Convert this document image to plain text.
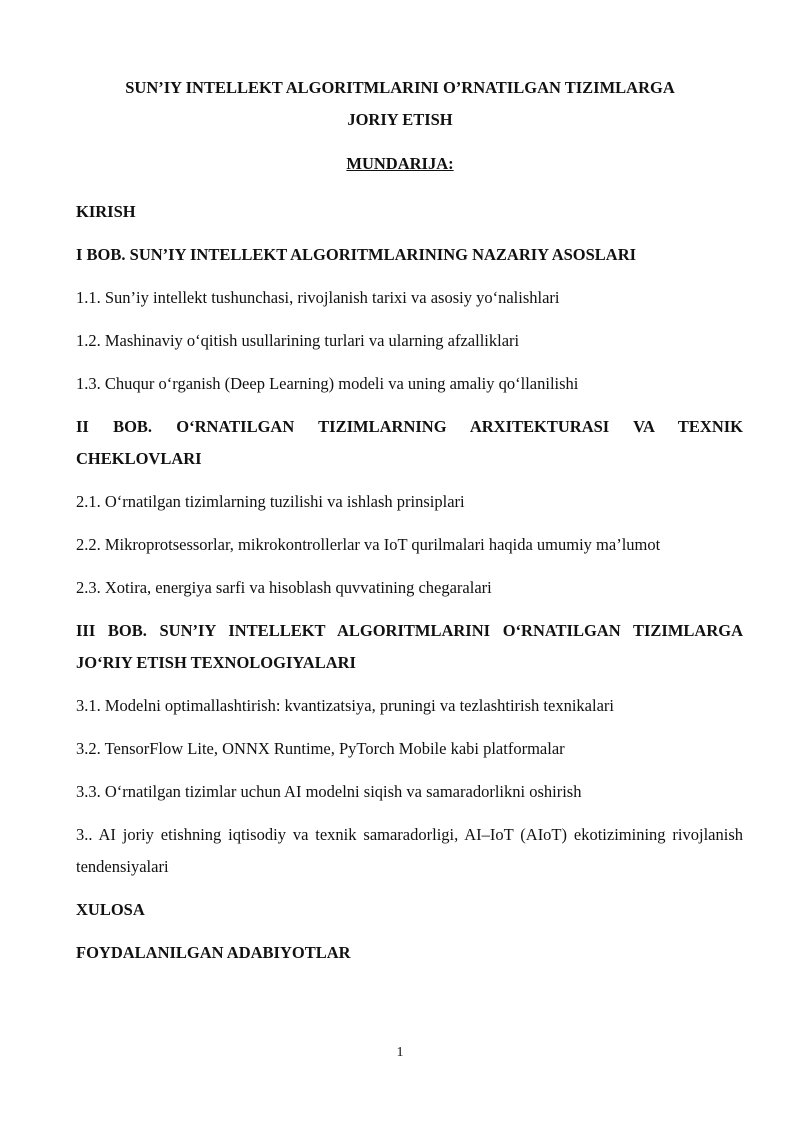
SUN’IY INTELLEKT ALGORITMLARINI O’RNATILGAN TIZIMLARGA
JORIY ETISH
MUNDARIJA:
KIRISH
I BOB. SUN’IY INTELLEKT ALGORITMLARINING NAZARIY ASOSLARI
1.1. Sun’iy intellekt tushunchasi, rivojlanish tarixi va asosiy yo‘nalishlari
1.2. Mashinaviy o‘qitish usullarining turlari va ularning afzalliklari
1.3. Chuqur o‘rganish (Deep Learning) modeli va uning amaliy qo‘llanilishi
II BOB. O‘RNATILGAN TIZIMLARNING ARXITEKTURASI VA TEXNIK CHEKLOVLARI
2.1. O‘rnatilgan tizimlarning tuzilishi va ishlash prinsiplari
2.2. Mikroprotsessorlar, mikrokontrollerlar va IoT qurilmalari haqida umumiy ma’lumot
2.3. Xotira, energiya sarfi va hisoblash quvvatining chegaralari
III BOB. SUN’IY INTELLEKT ALGORITMLARINI O‘RNATILGAN TIZIMLARGA JO‘RIY ETISH TEXNOLOGIYALARI
3.1. Modelni optimallashtirish: kvantizatsiya, pruningi va tezlashtirish texnikalari
3.2. TensorFlow Lite, ONNX Runtime, PyTorch Mobile kabi platformalar
3.3. O‘rnatilgan tizimlar uchun AI modelni siqish va samaradorlikni oshirish
3.. AI joriy etishning iqtisodiy va texnik samaradorligi, AI–IoT (AIoT) ekotizimining rivojlanish tendensiyalari
XULOSA
FOYDALANILGAN ADABIYOTLAR
1
